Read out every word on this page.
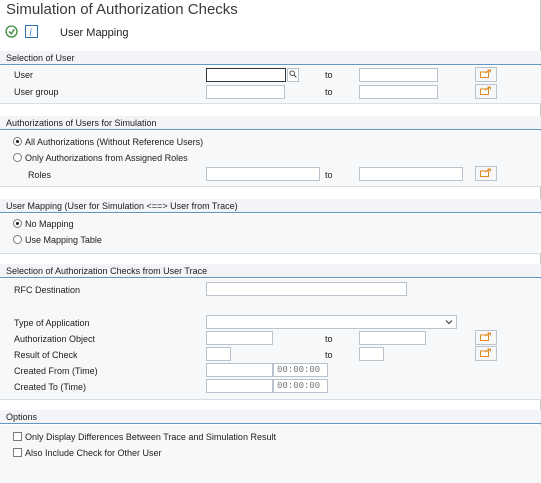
Simulation of Authorization Checks
i	User Mapping
Selection of User
User	to
User group	to
Authorizations of Users for Simulation
All Authorizations (Without Reference Users)
Only Authorizations from Assigned Roles
Roles	to
User Mapping (User for Simulation <==> User from Trace)
No Mapping
Use Mapping Table
Selection of Authorization Checks from User Trace
RFC Destination
Type of Application
Authorization Object	to
Result of Check	to
Created From (Time)	00:00:00
Created To (Time)	00:00:00
Options
Only Display Differences Between Trace and Simulation Result
Also Include Check for Other User
